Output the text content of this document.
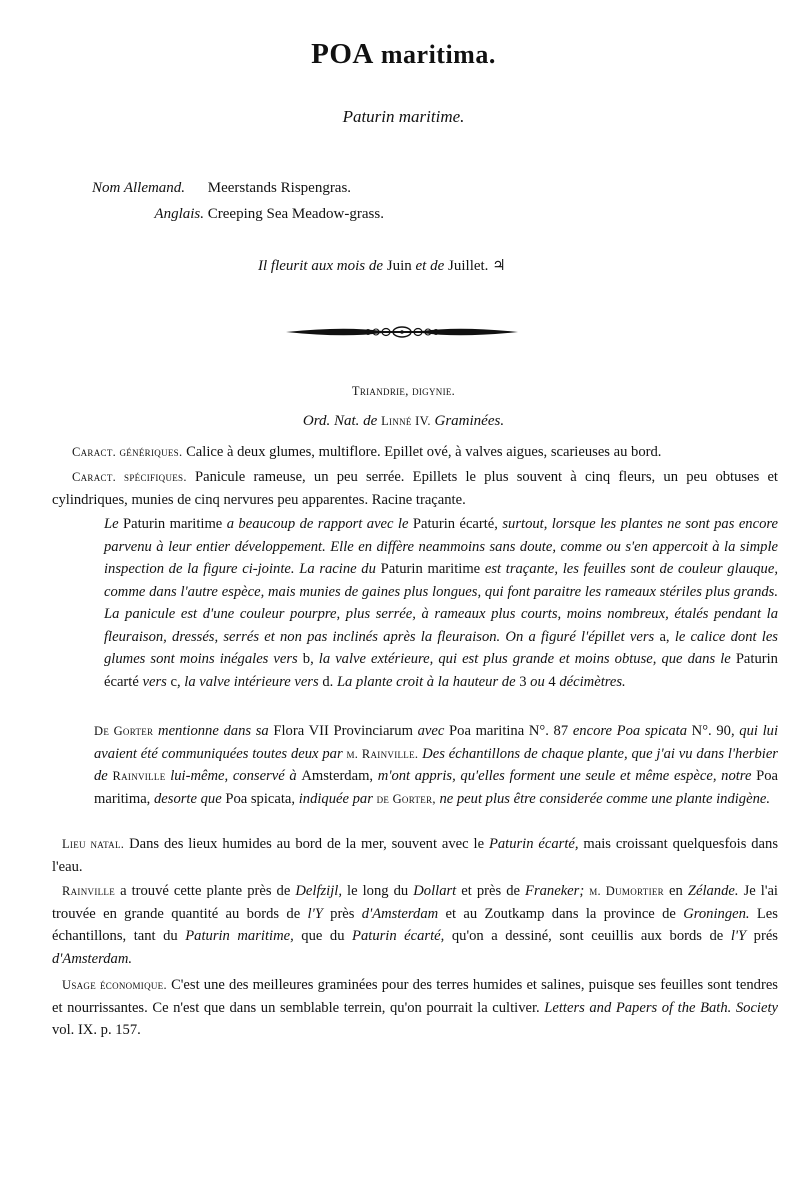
POA maritima.
Paturin maritime.
Nom Allemand. Meerstands Rispengras.
Anglais. Creeping Sea Meadow-grass.
Il fleurit aux mois de Juin et de Juillet. ♃
Triandrie, digynie.
Ord. Nat. de Linné IV. Graminées.
Caract. génériques. Calice à deux glumes, multiflore. Epillet ové, à valves aigues, scarieuses au bord.
Caract. spécifiques. Panicule rameuse, un peu serrée. Epillets le plus souvent à cinq fleurs, un peu obtuses et cylindriques, munies de cinq nervures peu apparentes. Racine traçante.
Le Paturin maritime a beaucoup de rapport avec le Paturin écarté, surtout, lorsque les plantes ne sont pas encore parvenu à leur entier développement. Elle en diffère neammoins sans doute, comme ou s'en appercoit à la simple inspection de la figure ci-jointe. La racine du Paturin maritime est traçante, les feuilles sont de couleur glauque, comme dans l'autre espèce, mais munies de gaines plus longues, qui font paraitre les rameaux stériles plus grands. La panicule est d'une couleur pourpre, plus serrée, à rameaux plus courts, moins nombreux, étalés pendant la fleuraison, dressés, serrés et non pas inclinés après la fleuraison. On a figuré l'épillet vers a, le calice dont les glumes sont moins inégales vers b, la valve extérieure, qui est plus grande et moins obtuse, que dans le Paturin écarté vers c, la valve intérieure vers d. La plante croit à la hauteur de 3 ou 4 décimètres.
De Gorter mentionne dans sa Flora VII Provinciarum avec Poa maritina N°. 87 encore Poa spicata N°. 90, qui lui avaient été communiquées toutes deux par m. Rainville. Des échantillons de chaque plante, que j'ai vu dans l'herbier de Rainville lui-même, conservé à Amsterdam, m'ont appris, qu'elles forment une seule et même espèce, notre Poa maritima, desorte que Poa spicata, indiquée par de Gorter, ne peut plus être considerée comme une plante indigène.
Lieu natal. Dans des lieux humides au bord de la mer, souvent avec le Paturin écarté, mais croissant quelquesfois dans l'eau.
Rainville a trouvé cette plante près de Delfzijl, le long du Dollart et près de Franeker; m. Dumortier en Zélande. Je l'ai trouvée en grande quantité au bords de l'Y près d'Amsterdam et au Zoutkamp dans la province de Groningen. Les échantillons, tant du Paturin maritime, que du Paturin écarté, qu'on a dessiné, sont ceuillis aux bords de l'Y prés d'Amsterdam.
Usage économique. C'est une des meilleures graminées pour des terres humides et salines, puisque ses feuilles sont tendres et nourrissantes. Ce n'est que dans un semblable terrein, qu'on pourrait la cultiver. Letters and Papers of the Bath. Society vol. IX. p. 157.
